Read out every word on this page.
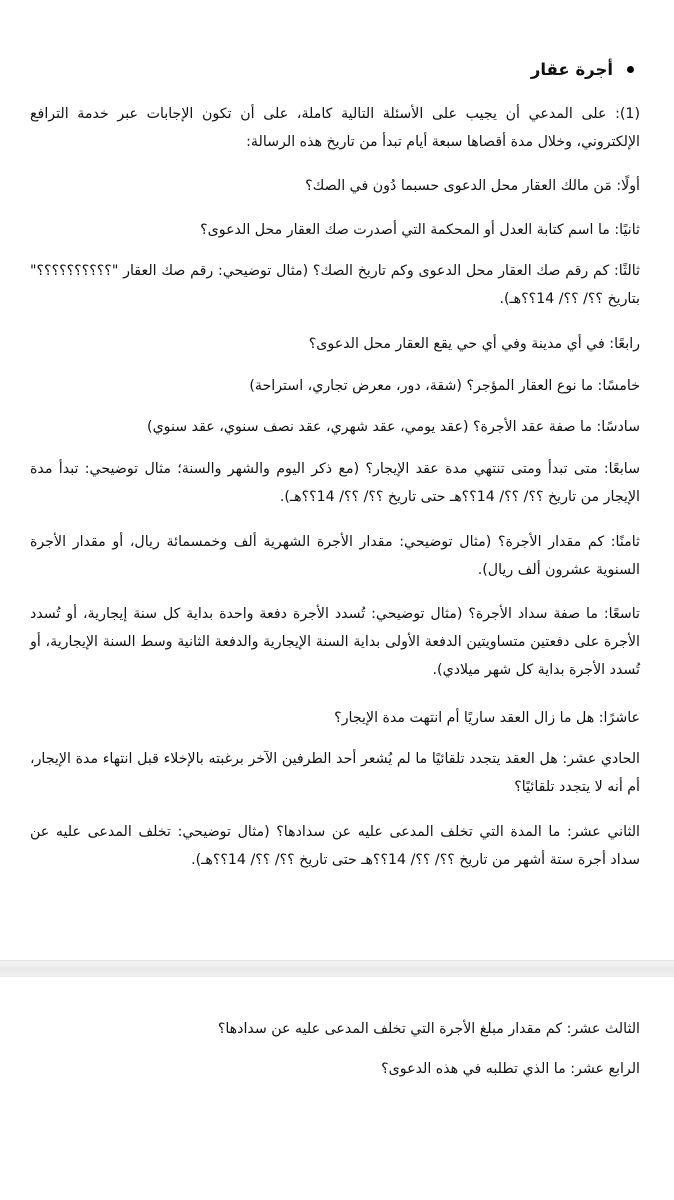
أجرة عقار
(1): على المدعي أن يجيب على الأسئلة التالية كاملة، على أن تكون الإجابات عبر خدمة الترافع الإلكتروني، وخلال مدة أقصاها سبعة أيام تبدأ من تاريخ هذه الرسالة:
أولًا: مَن مالك العقار محل الدعوى حسبما دُون في الصك؟
ثانيًا: ما اسم كتابة العدل أو المحكمة التي أصدرت صك العقار محل الدعوى؟
ثالثًا: كم رقم صك العقار محل الدعوى وكم تاريخ الصك؟ (مثال توضيحي: رقم صك العقار "؟؟؟؟؟؟؟؟؟؟" بتاريخ ؟؟/ ؟؟/ 14؟؟هـ).
رابعًا: في أي مدينة وفي أي حي يقع العقار محل الدعوى؟
خامسًا: ما نوع العقار المؤجر؟ (شقة، دور، معرض تجاري، استراحة)
سادسًا: ما صفة عقد الأجرة؟ (عقد يومي، عقد شهري، عقد نصف سنوي، عقد سنوي)
سابعًا: متى تبدأ ومتى تنتهي مدة عقد الإيجار؟ (مع ذكر اليوم والشهر والسنة؛ مثال توضيحي: تبدأ مدة الإيجار من تاريخ ؟؟/ ؟؟/ 14؟؟هـ حتى تاريخ ؟؟/ ؟؟/ 14؟؟هـ).
ثامنًا: كم مقدار الأجرة؟ (مثال توضيحي: مقدار الأجرة الشهرية ألف وخمسمائة ريال، أو مقدار الأجرة السنوية عشرون ألف ريال).
تاسعًا: ما صفة سداد الأجرة؟ (مثال توضيحي: تُسدد الأجرة دفعة واحدة بداية كل سنة إيجارية، أو تُسدد الأجرة على دفعتين متساويتين الدفعة الأولى بداية السنة الإيجارية والدفعة الثانية وسط السنة الإيجارية، أو تُسدد الأجرة بداية كل شهر ميلادي).
عاشرًا: هل ما زال العقد ساريًا أم انتهت مدة الإيجار؟
الحادي عشر: هل العقد يتجدد تلقائيًا ما لم يُشعر أحد الطرفين الآخر برغبته بالإخلاء قبل انتهاء مدة الإيجار، أم أنه لا يتجدد تلقائيًا؟
الثاني عشر: ما المدة التي تخلف المدعى عليه عن سدادها؟ (مثال توضيحي: تخلف المدعى عليه عن سداد أجرة ستة أشهر من تاريخ ؟؟/ ؟؟/ 14؟؟هـ حتى تاريخ ؟؟/ ؟؟/ 14؟؟هـ).
الثالث عشر: كم مقدار مبلغ الأجرة التي تخلف المدعى عليه عن سدادها؟
الرابع عشر: ما الذي تطلبه في هذه الدعوى؟
